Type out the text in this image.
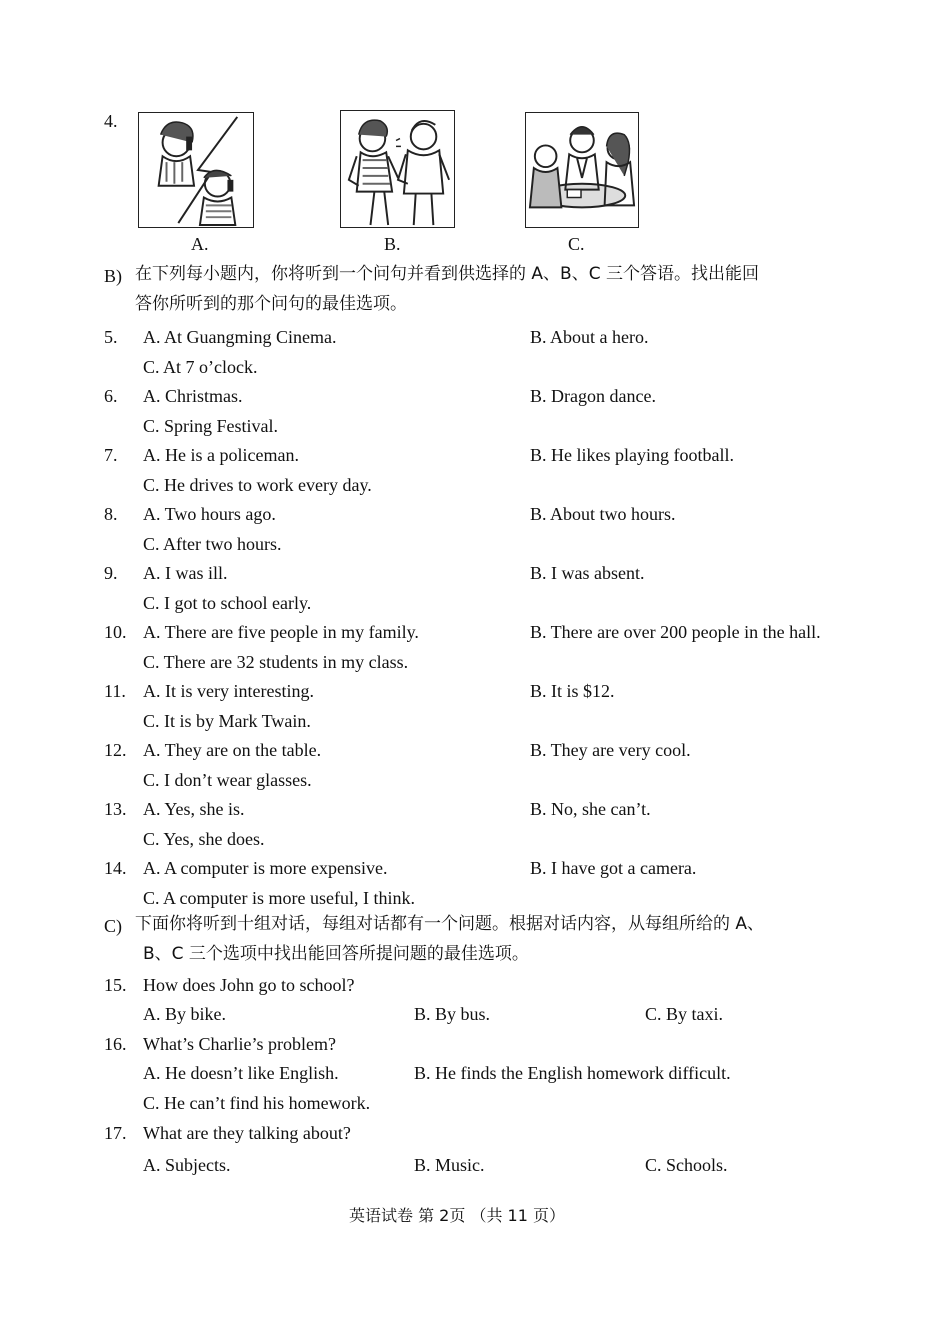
4.
A.	B.	C.
B) 在下列每小题内，你将听到一个问句并看到供选择的 A、B、C 三个答语。找出能回
答你所听到的那个问句的最佳选项。
5. A. At Guangming Cinema.	B. About a hero.
C. At 7 o’clock.
6. A. Christmas.	B. Dragon dance.
C. Spring Festival.
7. A. He is a policeman.	B. He likes playing football.
C. He drives to work every day.
8. A. Two hours ago.	B. About two hours.
C. After two hours.
9. A. I was ill.	B. I was absent.
C. I got to school early.
10. A. There are five people in my family.	B. There are over 200 people in the hall.
C. There are 32 students in my class.
11. A. It is very interesting.	B. It is $12.
C. It is by Mark Twain.
12. A. They are on the table.	B. They are very cool.
C. I don’t wear glasses.
13. A. Yes, she is.	B. No, she can’t.
C. Yes, she does.
14. A. A computer is more expensive.	B. I have got a camera.
C. A computer is more useful, I think.
C) 下面你将听到十组对话，每组对话都有一个问题。根据对话内容，从每组所给的 A、
B、C 三个选项中找出能回答所提问题的最佳选项。
15. How does John go to school?
A. By bike.	B. By bus.	C. By taxi.
16. What’s Charlie’s problem?
A. He doesn’t like English.	B. He finds the English homework difficult.
C. He can’t find his homework.
17. What are they talking about?
A. Subjects.	B. Music.	C. Schools.
英语试卷 第 2页 （共 11 页）
